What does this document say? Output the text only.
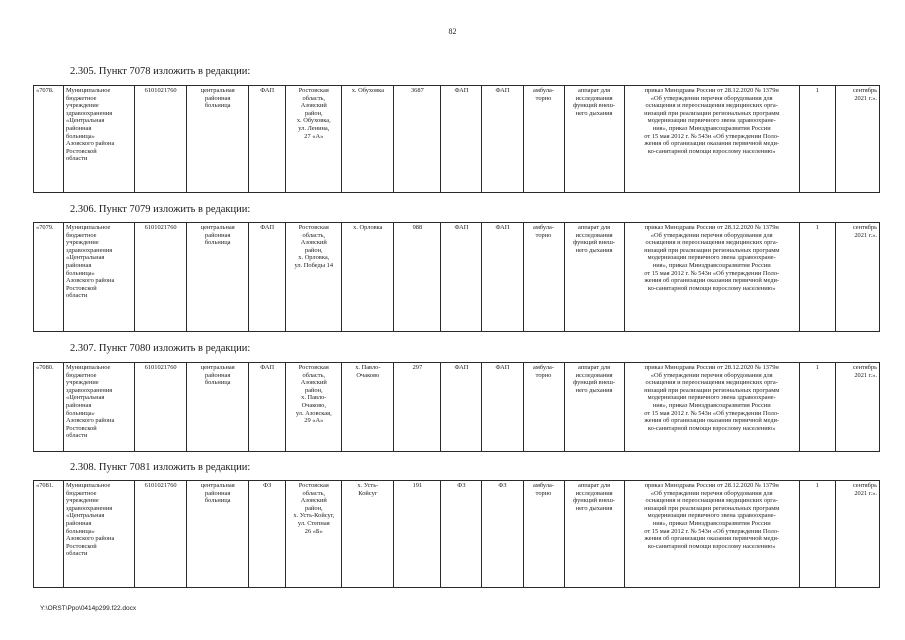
82
2.305. Пункт 7078 изложить в редакции:
«7078.	Муниципальное
бюджетное
учреждение
здравоохранения
«Центральная
районная
больница»
Азовского района
Ростовской
области	6101021760	центральная
районная
больница	ФАП	Ростовская
область,
Азовский
район,
х. Обуховка,
ул. Ленина,
27 «А»	х. Обуховка	3687	ФАП	ФАП	амбула-
торно	аппарат для
исследования
функций внеш-
него дыхания	приказ Минздрава России от 28.12.2020 № 1379н
«Об утверждении перечня оборудования для
оснащения и переоснащения медицинских орга-
низаций при реализации региональных программ
модернизации первичного звена здравоохране-
ния», приказ Минздравсоцразвития России
от 15 мая 2012 г. № 543н «Об утверждении Поло-
жения об организации оказания первичной меди-
ко-санитарной помощи взрослому населению»	1	сентябрь
2021 г.».
2.306. Пункт 7079 изложить в редакции:
«7079.	Муниципальное
бюджетное
учреждение
здравоохранения
«Центральная
районная
больница»
Азовского района
Ростовской
области	6101021760	центральная
районная
больница	ФАП	Ростовская
область,
Азовский
район,
х. Орловка,
ул. Победы 14	х. Орловка	988	ФАП	ФАП	амбула-
торно	аппарат для
исследования
функций внеш-
него дыхания	приказ Минздрава России от 28.12.2020 № 1379н
«Об утверждении перечня оборудования для
оснащения и переоснащения медицинских орга-
низаций при реализации региональных программ
модернизации первичного звена здравоохране-
ния», приказ Минздравсоцразвития России
от 15 мая 2012 г. № 543н «Об утверждении Поло-
жения об организации оказания первичной меди-
ко-санитарной помощи взрослому населению»	1	сентябрь
2021 г.».
2.307. Пункт 7080 изложить в редакции:
«7080.	Муниципальное
бюджетное
учреждение
здравоохранения
«Центральная
районная
больница»
Азовского района
Ростовской
области	6101021760	центральная
районная
больница	ФАП	Ростовская
область,
Азовский
район,
х. Павло-
Очаково,
ул. Азовская,
29 «А»	х. Павло-
Очаково	297	ФАП	ФАП	амбула-
торно	аппарат для
исследования
функций внеш-
него дыхания	приказ Минздрава России от 28.12.2020 № 1379н
«Об утверждении перечня оборудования для
оснащения и переоснащения медицинских орга-
низаций при реализации региональных программ
модернизации первичного звена здравоохране-
ния», приказ Минздравсоцразвития России
от 15 мая 2012 г. № 543н «Об утверждении Поло-
жения об организации оказания первичной меди-
ко-санитарной помощи взрослому населению»	1	сентябрь
2021 г.».
2.308. Пункт 7081 изложить в редакции:
«7081.	Муниципальное
бюджетное
учреждение
здравоохранения
«Центральная
районная
больница»
Азовского района
Ростовской
области	6101021760	центральная
районная
больница	ФЗ	Ростовская
область,
Азовский
район,
х. Усть-Койсуг,
ул. Степная
26 «Б»	х. Усть-
Койсуг	191	ФЗ	ФЗ	амбула-
торно	аппарат для
исследования
функций внеш-
него дыхания	приказ Минздрава России от 28.12.2020 № 1379н
«Об утверждении перечня оборудования для
оснащения и переоснащения медицинских орга-
низаций при реализации региональных программ
модернизации первичного звена здравоохране-
ния», приказ Минздравсоцразвития России
от 15 мая 2012 г. № 543н «Об утверждении Поло-
жения об организации оказания первичной меди-
ко-санитарной помощи взрослому населению»	1	сентябрь
2021 г.».
Y:\ORST\Ppo\0414p299.f22.docx
